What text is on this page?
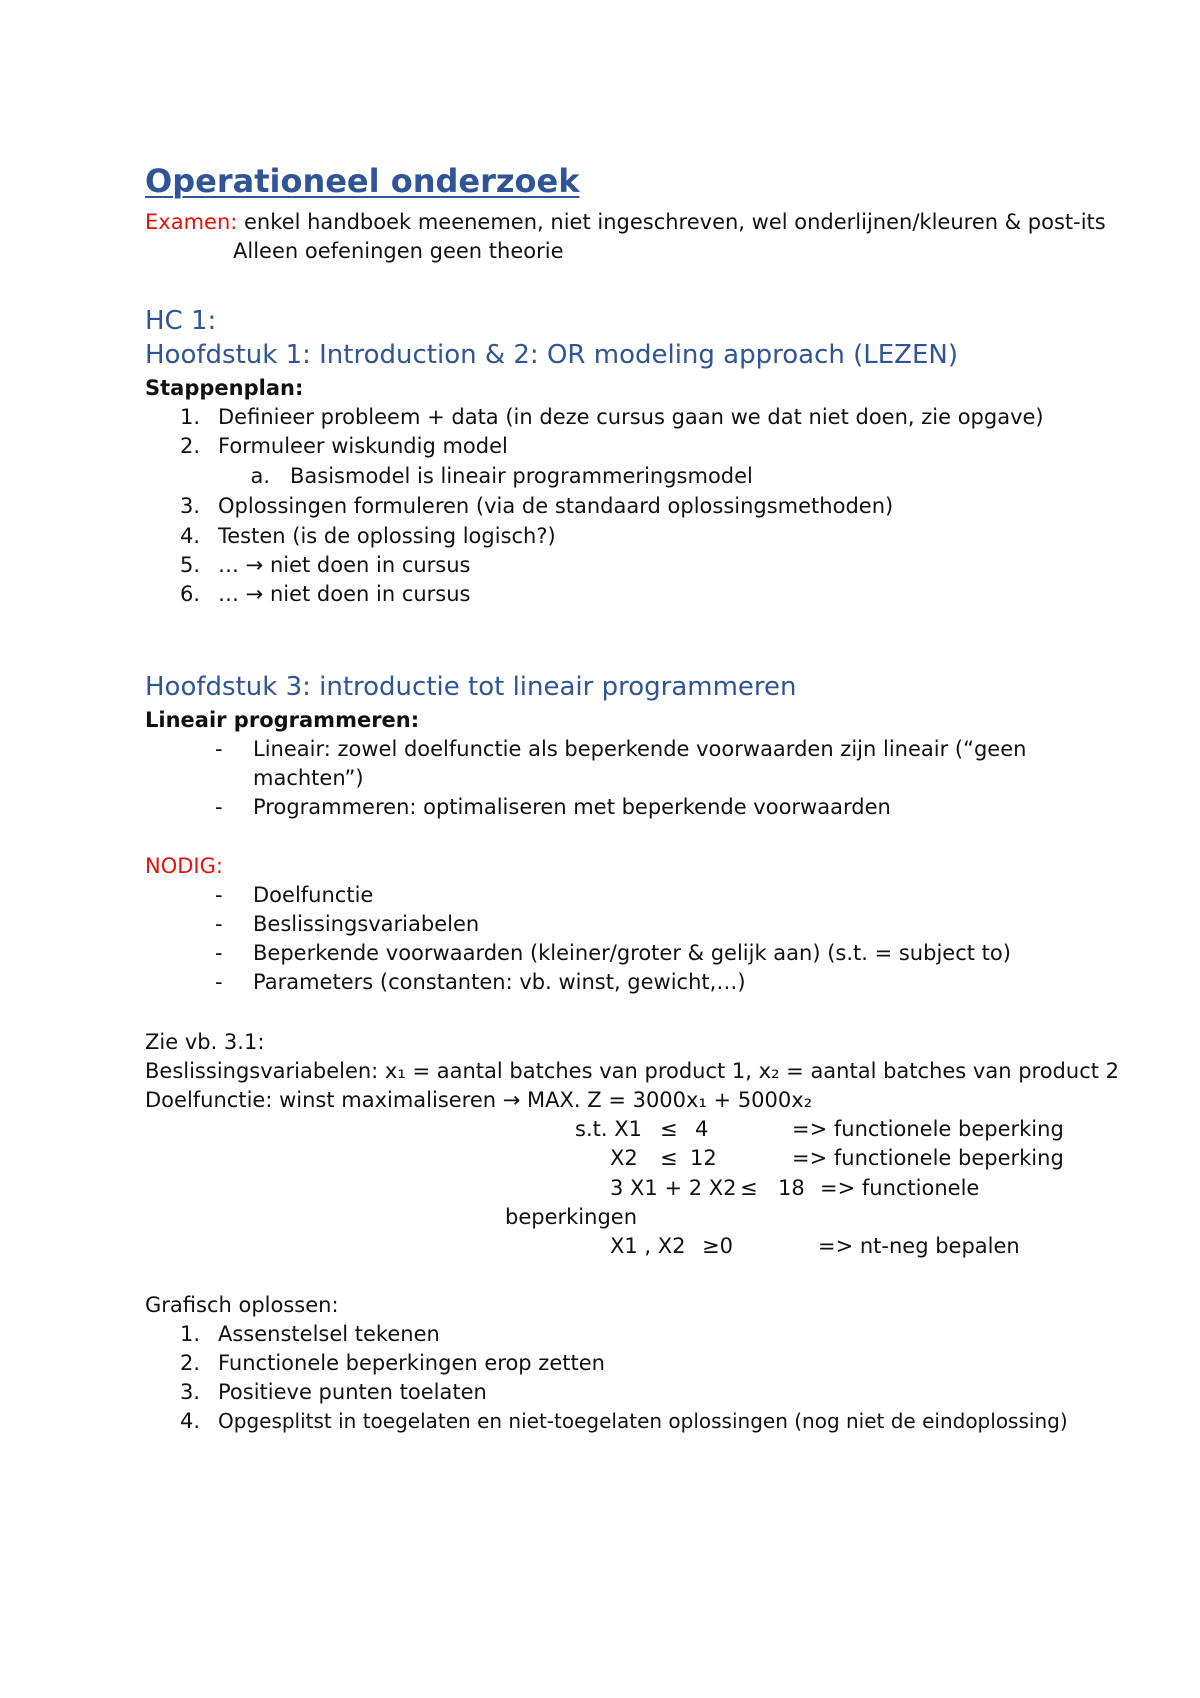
Operationeel onderzoek
Examen: enkel handboek meenemen, niet ingeschreven, wel onderlijnen/kleuren & post-its
Alleen oefeningen geen theorie
HC 1:
Hoofdstuk 1: Introduction & 2: OR modeling approach (LEZEN)
Stappenplan:
1. Definieer probleem + data (in deze cursus gaan we dat niet doen, zie opgave)
2. Formuleer wiskundig model
a. Basismodel is lineair programmeringsmodel
3. Oplossingen formuleren (via de standaard oplossingsmethoden)
4. Testen (is de oplossing logisch?)
5. … → niet doen in cursus
6. … → niet doen in cursus
Hoofdstuk 3: introductie tot lineair programmeren
Lineair programmeren:
-	Lineair: zowel doelfunctie als beperkende voorwaarden zijn lineair (“geen
machten”)
-	Programmeren: optimaliseren met beperkende voorwaarden
NODIG:
-	Doelfunctie
-	Beslissingsvariabelen
-	Beperkende voorwaarden (kleiner/groter & gelijk aan) (s.t. = subject to)
-	Parameters (constanten: vb. winst, gewicht,…)
Zie vb. 3.1:
Beslissingsvariabelen: x₁ = aantal batches van product 1, x₂ = aantal batches van product 2
Doelfunctie: winst maximaliseren → MAX. Z = 3000x₁ + 5000x₂
s.t. X1 ≤ 4	=> functionele beperking
X2 ≤ 12	=> functionele beperking
3 X1 + 2 X2 ≤ 18 => functionele
beperkingen
X1 , X2 ≥0	=> nt-neg bepalen
Grafisch oplossen:
1. Assenstelsel tekenen
2. Functionele beperkingen erop zetten
3. Positieve punten toelaten
4. Opgesplitst in toegelaten en niet-toegelaten oplossingen (nog niet de eindoplossing)
